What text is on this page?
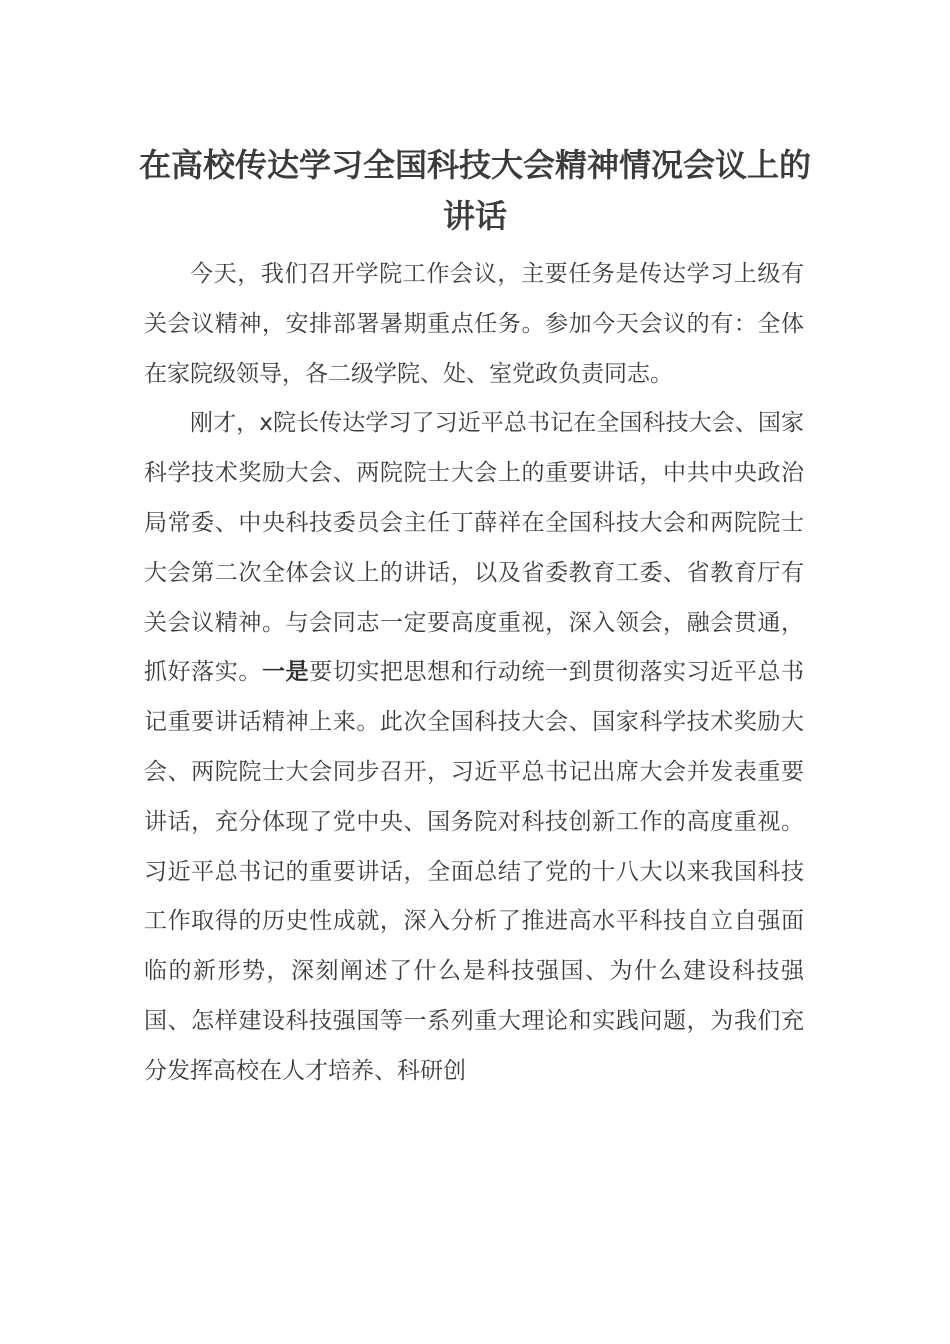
在高校传达学习全国科技大会精神情况会议上的讲话

今天，我们召开学院工作会议，主要任务是传达学习上级有关会议精神，安排部署暑期重点任务。参加今天会议的有：全体在家院级领导，各二级学院、处、室党政负责同志。

刚才，x院长传达学习了习近平总书记在全国科技大会、国家科学技术奖励大会、两院院士大会上的重要讲话，中共中央政治局常委、中央科技委员会主任丁薛祥在全国科技大会和两院院士大会第二次全体会议上的讲话，以及省委教育工委、省教育厅有关会议精神。与会同志一定要高度重视，深入领会，融会贯通，抓好落实。一是要切实把思想和行动统一到贯彻落实习近平总书记重要讲话精神上来。此次全国科技大会、国家科学技术奖励大会、两院院士大会同步召开，习近平总书记出席大会并发表重要讲话，充分体现了党中央、国务院对科技创新工作的高度重视。习近平总书记的重要讲话，全面总结了党的十八大以来我国科技工作取得的历史性成就，深入分析了推进高水平科技自立自强面临的新形势，深刻阐述了什么是科技强国、为什么建设科技强国、怎样建设科技强国等一系列重大理论和实践问题，为我们充分发挥高校在人才培养、科研创
